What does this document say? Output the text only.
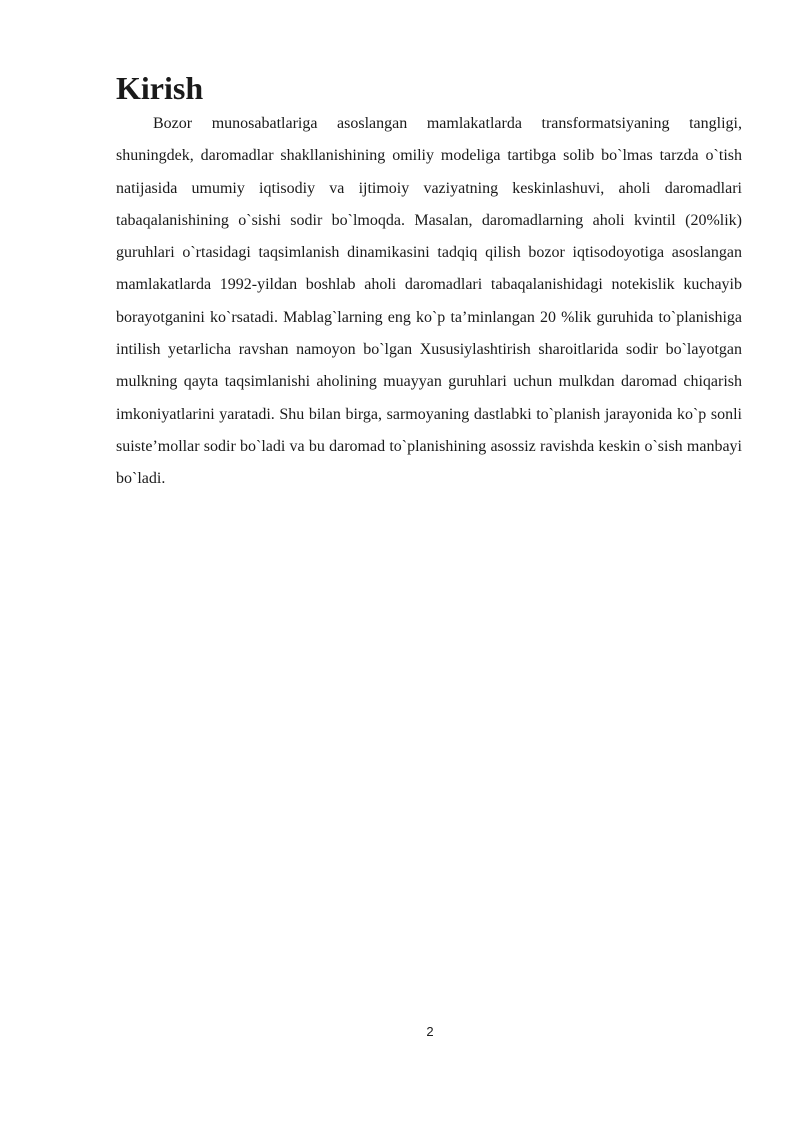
Kirish

Bozor munosabatlariga asoslangan mamlakatlarda transformatsiyaning tangligi, shuningdek, daromadlar shakllanishining omiliy modeliga tartibga solib bo`lmas tarzda o`tish natijasida umumiy iqtisodiy va ijtimoiy vaziyatning keskinlashuvi, aholi daromadlari tabaqalanishining o`sishi sodir bo`lmoqda. Masalan, daromadlarning aholi kvintil (20%lik) guruhlari o`rtasidagi taqsimlanish dinamikasini tadqiq qilish bozor iqtisodoyotiga asoslangan mamlakatlarda 1992-yildan boshlab aholi daromadlari tabaqalanishidagi notekislik kuchayib borayotganini ko`rsatadi. Mablag`larning eng ko`p ta’minlangan 20 %lik guruhida to`planishiga intilish yetarlicha ravshan namoyon bo`lgan Xususiylashtirish sharoitlarida sodir bo`layotgan mulkning qayta taqsimlanishi aholining muayyan guruhlari uchun mulkdan daromad chiqarish imkoniyatlarini yaratadi. Shu bilan birga, sarmoyaning dastlabki to`planish jarayonida ko`p sonli suiste’mollar sodir bo`ladi va bu daromad to`planishining asossiz ravishda keskin o`sish manbayi bo`ladi.

2
